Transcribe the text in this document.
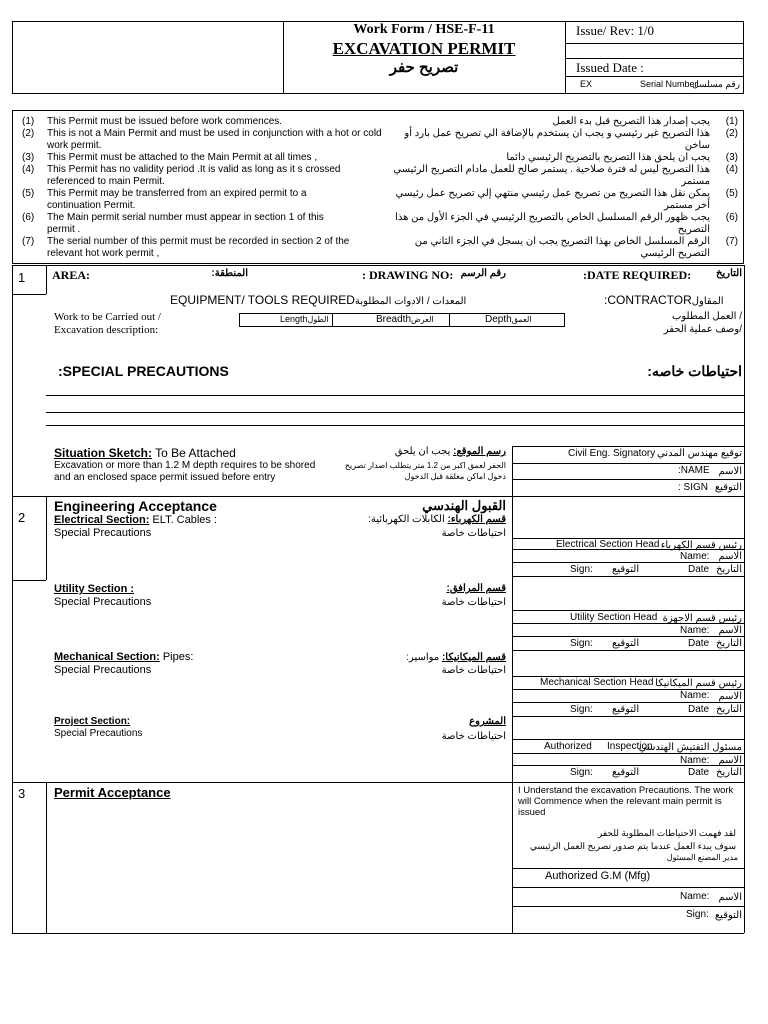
Work Form / HSE-F-11
EXCAVATION PERMIT
تصريح حفر
Issue/ Rev: 1/0
Issued Date :
EX	Serial Number
رقم مسلسل
(1)	This Permit must be issued before work commences.
(2)	This is not a Main Permit and must be used in conjunction with a hot or cold work permit.
(3)	This Permit must be attached to the Main Permit at all times ,
(4)	This Permit has no validity period .It is valid as long as it s crossed referenced to main Permit.
(5)	This Permit may be transferred from an expired permit to a continuation Permit.
(6)	The Main permit serial number must appear in section 1 of this permit .
(7)	The serial number of this permit must be recorded in section 2 of the relevant hot work permit ,
يجب إصدار هذا التصريح قبل بدء العمل	(1)
هذا التصريح غير رئيسي و يجب ان يستخدم بالإضافة الي تصريح عمل بارد أو ساخن
(2)
يجب ان يلحق هذا التصريح بالتصريح الرئيسي دائما	(3)
هذا التصريح ليس له فترة صلاحية . يستمر صالح للعمل مادام التصريح الرئيسي مستمر
(4)
يمكن نقل هذا التصريح من تصريح عمل رئيسي منتهي إلي تصريح عمل رئيسي أخر مستمر
(5)
يجب ظهور الرقم المسلسل الخاص بالتصريح الرئيسي في الجزء الأول من هذا التصريح
(6)
الرقم المسلسل الخاص بهذا التصريح يجب ان يسجل في الجزء الثاني من التصريح الرئيسي
(7)
1 AREA:	المنطقة:	رقم الرسم
: DRAWING NO:	:DATE REQUIRED: التاريخ
EQUIPMENT/ TOOLS REQUIREDالمعدات / الادوات المطلوبة	:CONTRACTORالمقاول
Work to be Carried out /
Excavation description:
/ العمل المطلوب
/وصف عملية الحفر
Lengthالطول	Breadthالعرض	Depthالعمق
:SPECIAL PRECAUTIONS	احتياطات خاصه:
Situation Sketch: To Be Attached
Excavation or more than 1.2 M depth requires to be shored and an enclosed space permit issued before entry
رسم الموقع: يجب ان يلحق
الحفر لعمق اكبر من 1.2 متر يتطلب اصدار تصريح دخول اماكن مغلقة قبل الدخول
Civil Eng. Signatory توقيع مهندس المدني
:NAME الاسم
: SIGN التوقيع
2
Engineering Acceptance	القبول الهندسي
Electrical Section: ELT. Cables :
Special Precautions
قسم الكهرباء: الكابلات الكهربائية:
احتياطات خاصة
Electrical Section Head رئيس قسم الكهرباء
Name: الاسم
Sign: التوقيع	Date التاريخ
Utility Section :
Special Precautions
قسم المرافق:
احتياطات خاصة
Utility Section Head رئيس قسم الاجهزة
Name: الاسم
Sign: التوقيع	Date التاريخ
Mechanical Section: Pipes:
Special Precautions
قسم الميكانيكا: مواسير:
احتياطات خاصة
Mechanical Section Head رئيس قسم الميكانيكا
Name: الاسم
Sign: التوقيع	Date التاريخ
Project Section:
Special Precautions
المشروع
احتياطات خاصة
Authorized Inspection
مسئول التفتيش الهندسي
Name: الاسم
Sign: التوقيع	Date التاريخ
3 Permit Acceptance	I Understand the excavation Precautions. The work will Commence when the relevant main permit is issued
لقد فهمت الاحتياطات المطلوبة للحفر
سوف يبدء العمل عندما يتم صدور تصريح العمل الرئيسي
مدير المصنع المسئول
Authorized G.M (Mfg)
Name: الاسم
Sign: التوقيع
